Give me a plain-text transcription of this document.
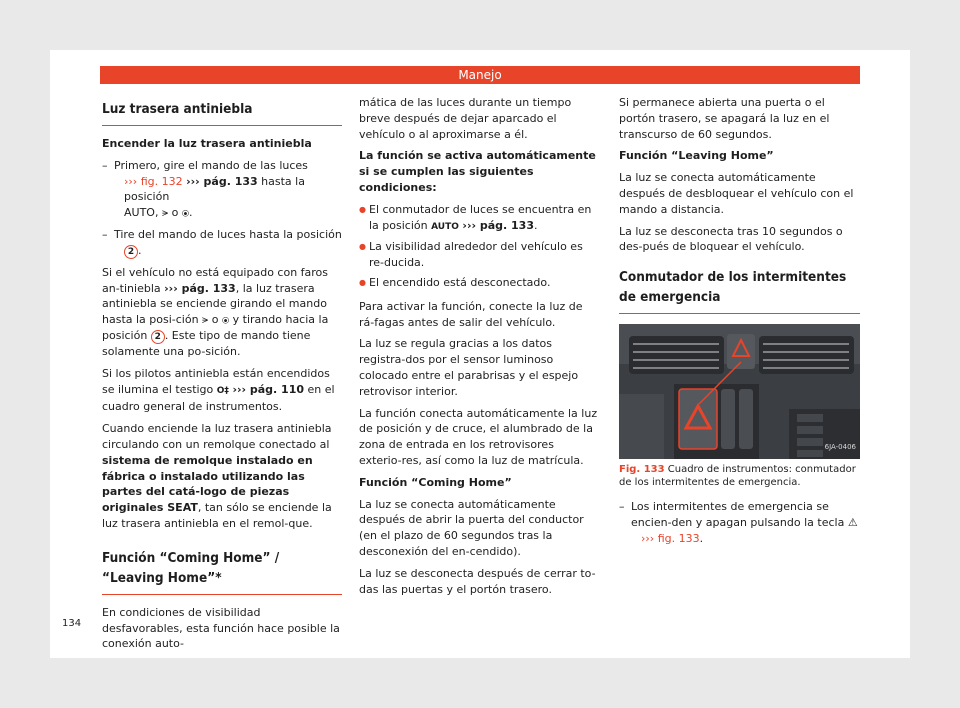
Manejo
Luz trasera antiniebla

Encender la luz trasera antiniebla

– Primero, gire el mando de las luces
››› fig. 132 ››› pág. 133 hasta la posición
AUTO, ⪫ o ⦿.
– Tire del mando de luces hasta la posición
2 .

Si el vehículo no está equipado con faros an-tiniebla ››› pág. 133, la luz trasera antiniebla se enciende girando el mando hasta la posi-ción ⪫ o ⦿ y tirando hacia la posición 2 . Este tipo de mando tiene solamente una po-sición.

Si los pilotos antiniebla están encendidos se ilumina el testigo O‡ ››› pág. 110 en el cuadro general de instrumentos.

Cuando enciende la luz trasera antiniebla circulando con un remolque conectado al sistema de remolque instalado en fábrica o instalado utilizando las partes del catá-logo de piezas originales SEAT, tan sólo se enciende la luz trasera antiniebla en el remol-que.

Función “Coming Home” / “Leaving Home”*

En condiciones de visibilidad desfavorables, esta función hace posible la conexión auto-

mática de las luces durante un tiempo breve después de dejar aparcado el vehículo o al aproximarse a él.

La función se activa automáticamente si se cumplen las siguientes condiciones:

● El conmutador de luces se encuentra en la posición AUTO ››› pág. 133.
● La visibilidad alrededor del vehículo es re-ducida.
● El encendido está desconectado.

Para activar la función, conecte la luz de rá-fagas antes de salir del vehículo.

La luz se regula gracias a los datos registra-dos por el sensor luminoso colocado entre el parabrisas y el espejo retrovisor interior.

La función conecta automáticamente la luz de posición y de cruce, el alumbrado de la zona de entrada en los retrovisores exterio-res, así como la luz de matrícula.

Función “Coming Home”

La luz se conecta automáticamente después de abrir la puerta del conductor (en el plazo de 60 segundos tras la desconexión del en-cendido).

La luz se desconecta después de cerrar to-das las puertas y el portón trasero.

Si permanece abierta una puerta o el portón trasero, se apagará la luz en el transcurso de 60 segundos.

Función “Leaving Home”

La luz se conecta automáticamente después de desbloquear el vehículo con el mando a distancia.

La luz se desconecta tras 10 segundos o des-pués de bloquear el vehículo.

Conmutador de los intermitentes de emergencia
6JA-0406
Fig. 133 Cuadro de instrumentos: conmutador de los intermitentes de emergencia.
– Los intermitentes de emergencia se encien-den y apagan pulsando la tecla ⚠
››› fig. 133.
134
